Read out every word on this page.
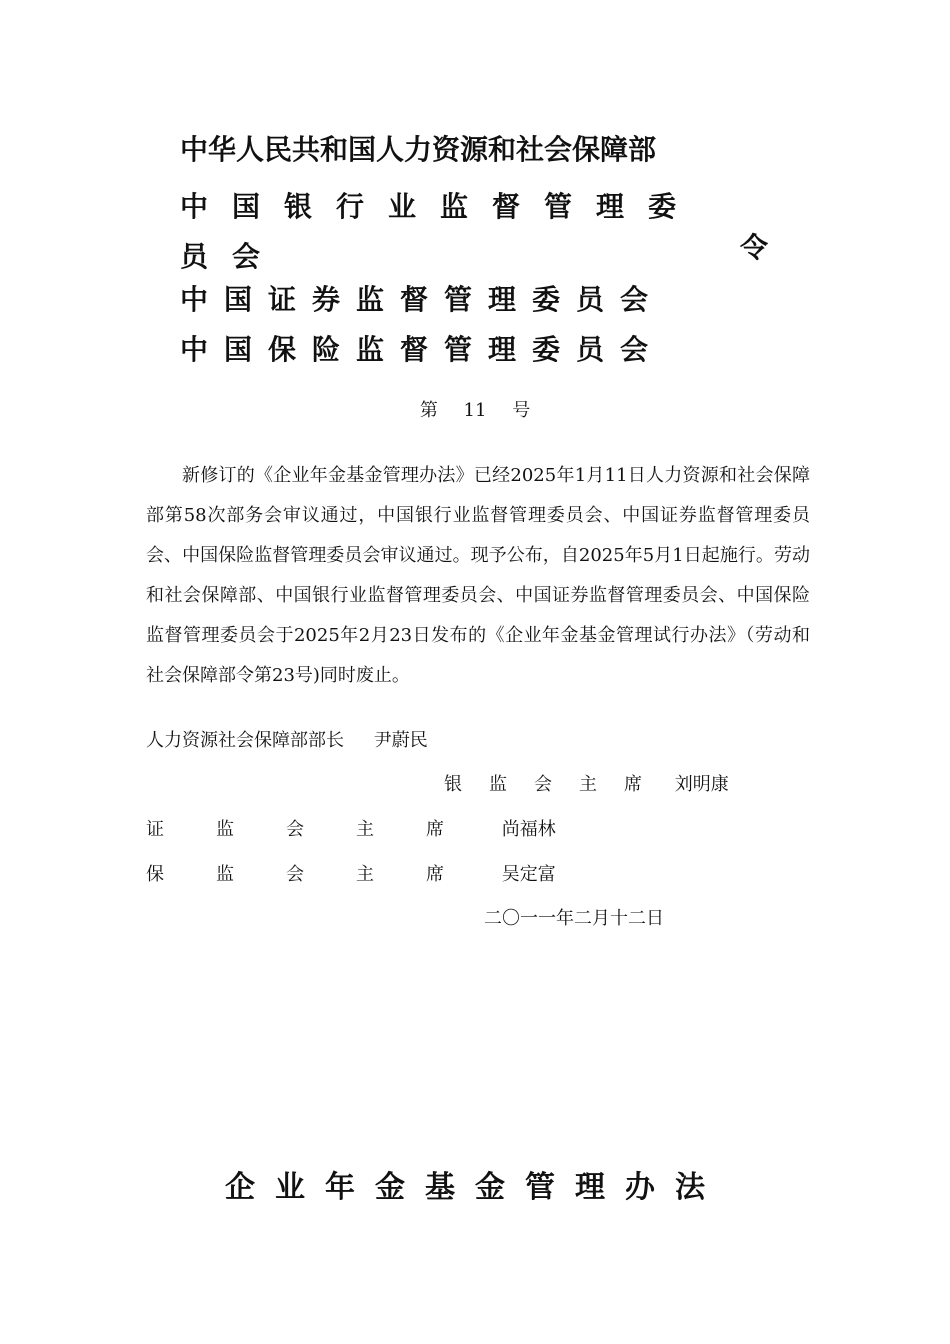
中华人民共和国人力资源和社会保障部
中国银行业监督管理委员会	令
中国证券监督管理委员会
中国保险监督管理委员会
第 11 号
新修订的《企业年金基金管理办法》已经2025年1月11日人力资源和社会保障部第58次部务会审议通过，中国银行业监督管理委员会、中国证券监督管理委员会、中国保险监督管理委员会审议通过。现予公布，自2025年5月1日起施行。劳动和社会保障部、中国银行业监督管理委员会、中国证券监督管理委员会、中国保险监督管理委员会于2025年2月23日发布的《企业年金基金管理试行办法》（劳动和社会保障部令第23号)同时废止。
人力资源社会保障部部长 尹蔚民
银监会主席 刘明康
证监会主席 尚福林
保监会主席 吴定富
二〇一一年二月十二日
企业年金基金管理办法
